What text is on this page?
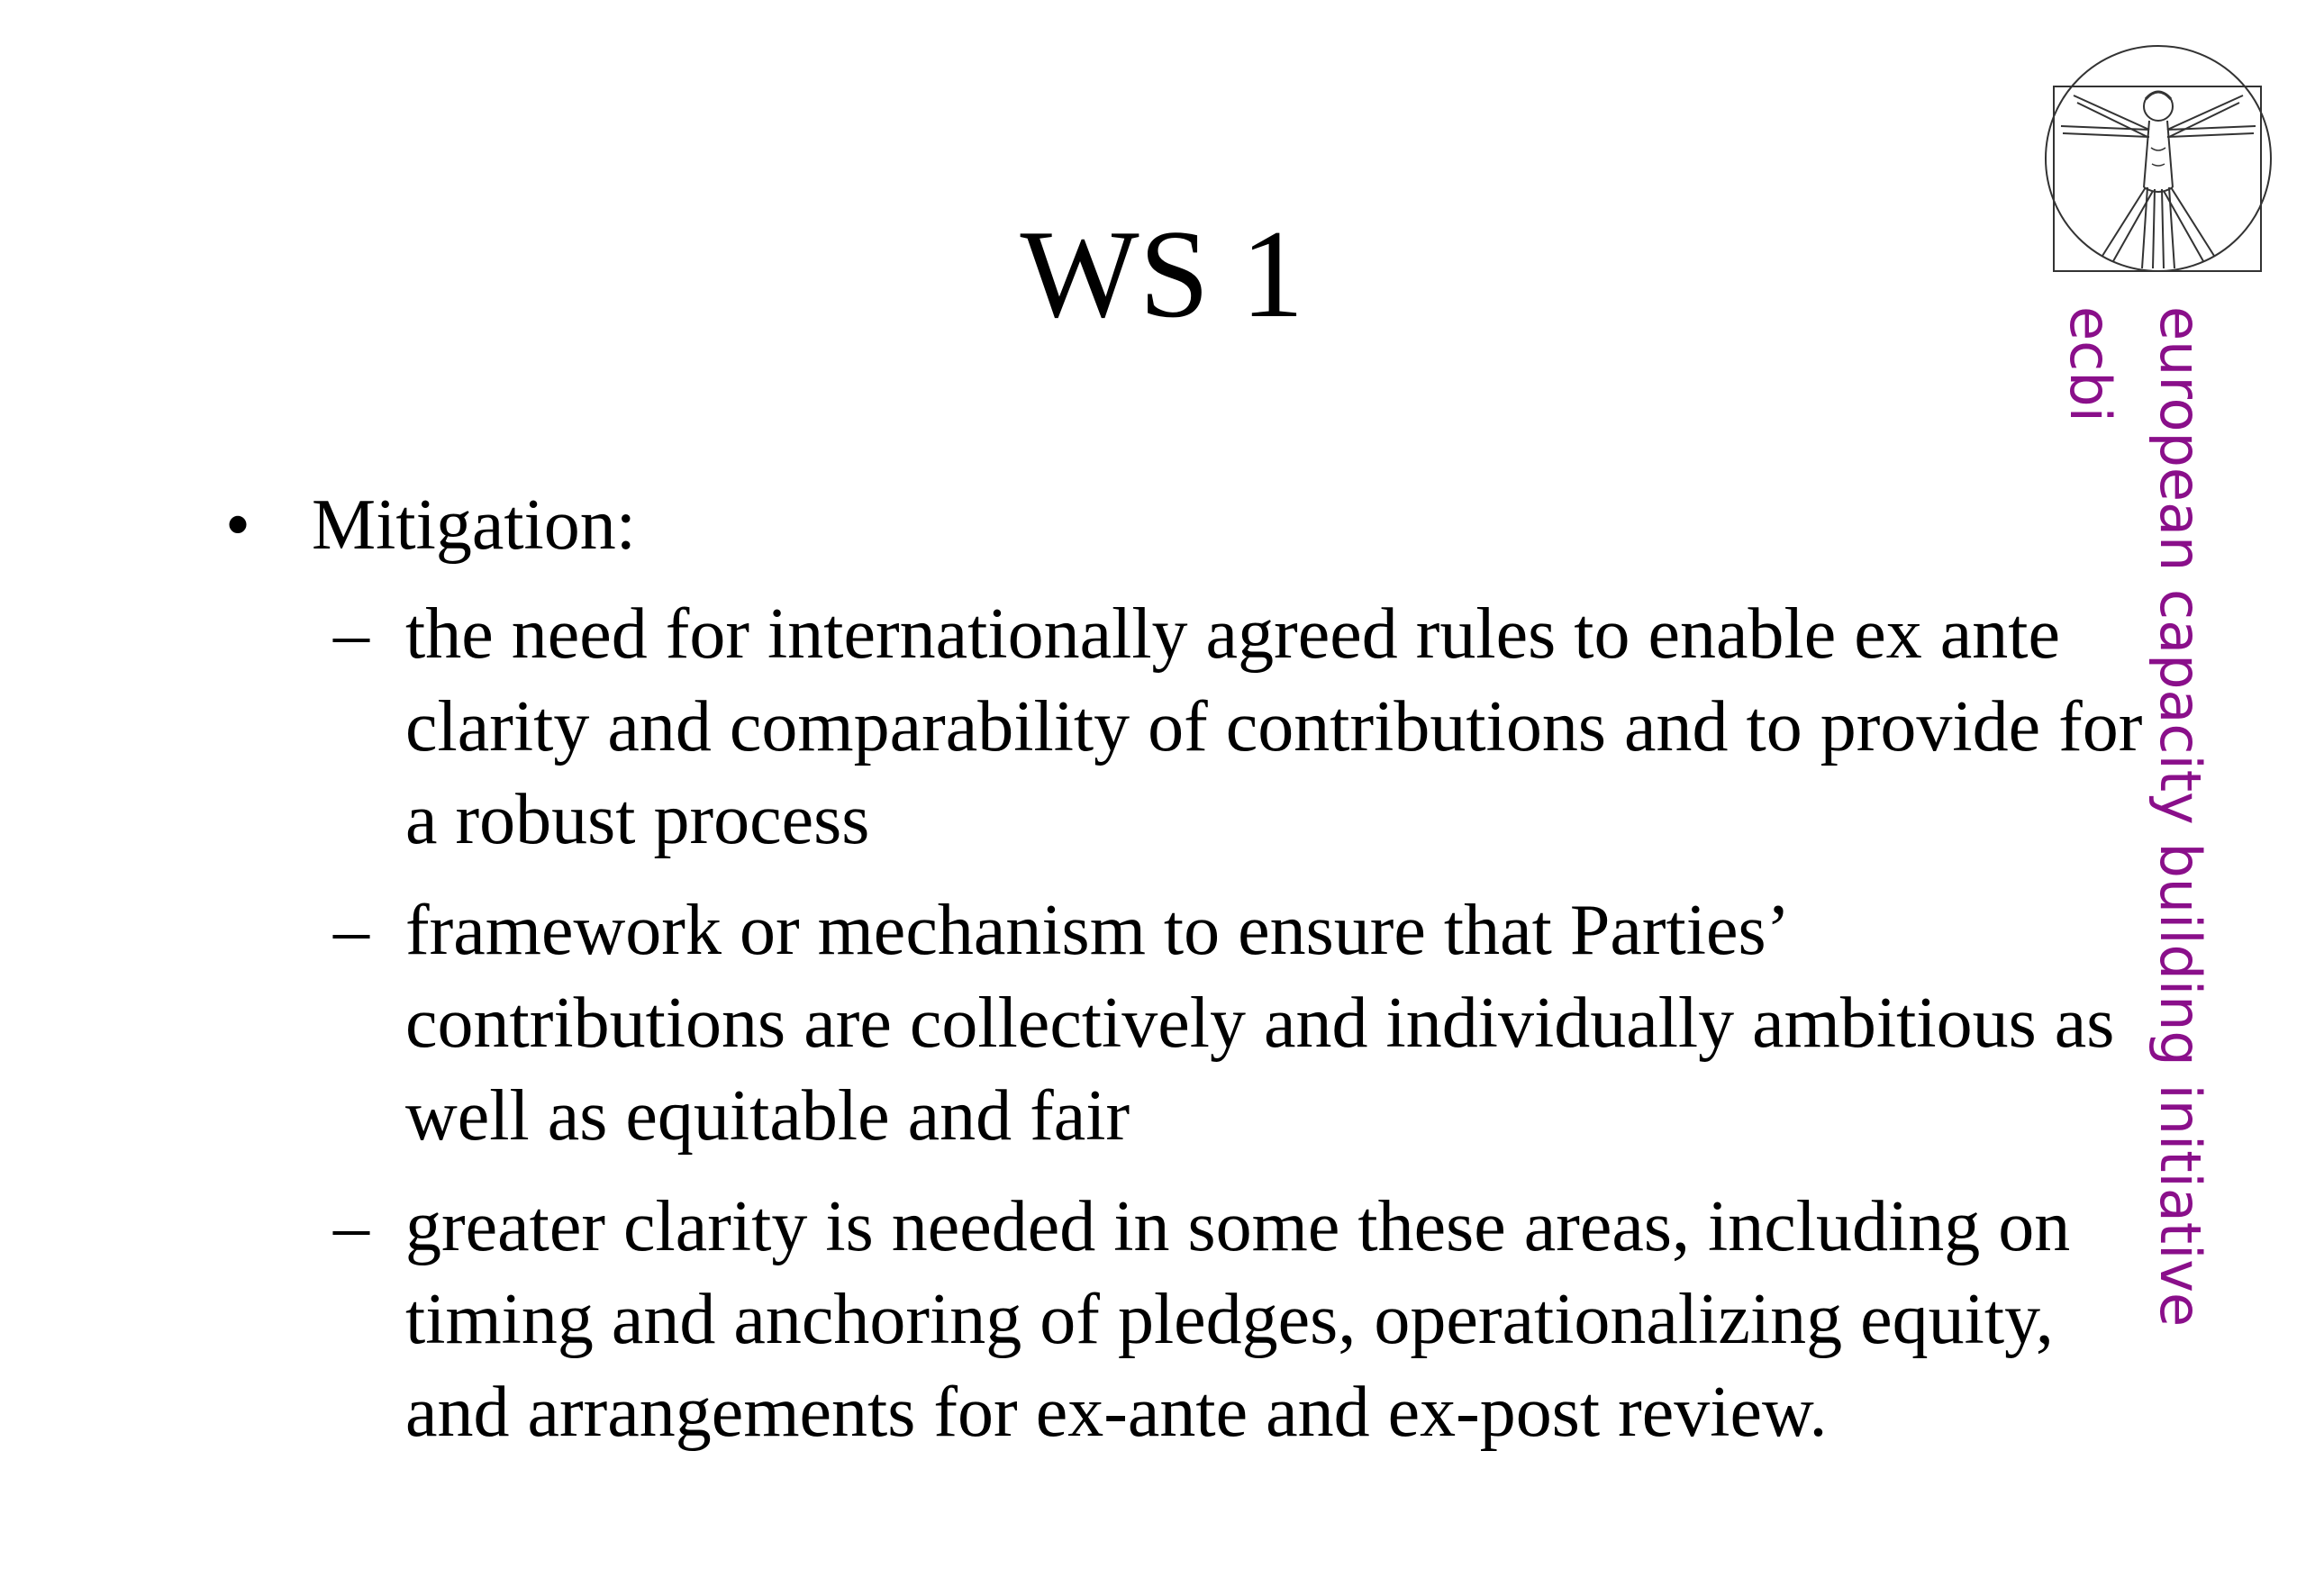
WS 1
• Mitigation:
– the need for internationally agreed rules to enable ex ante clarity and comparability of contributions and to provide for a robust process
– framework or mechanism to ensure that Parties’ contributions are collectively and individually ambitious as well as equitable and fair
– greater clarity is needed in some these areas, including on timing and anchoring of pledges, operationalizing equity, and arrangements for ex-ante and ex-post review.
european capacity building initiative
ecbi
